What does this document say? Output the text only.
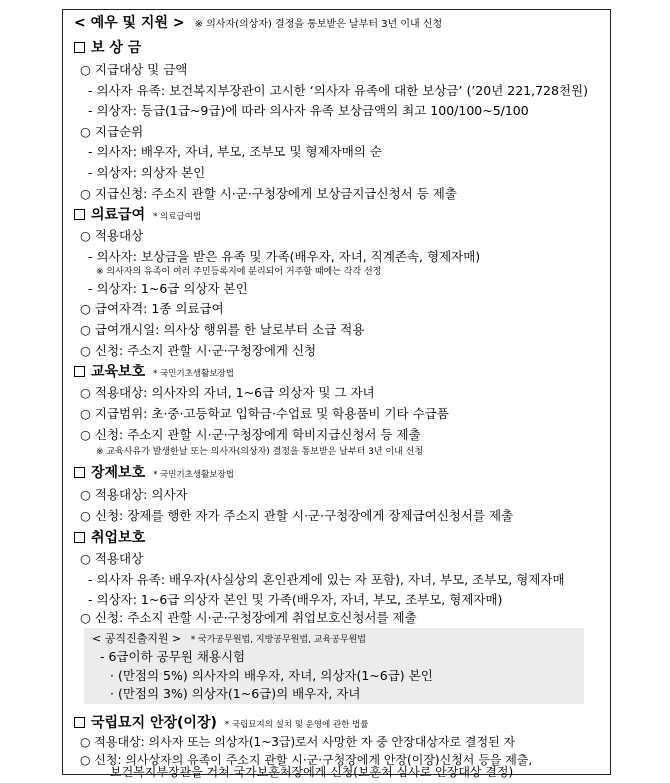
< 예우 및 지원 > ※ 의사자(의상자) 결정을 통보받은 날부터 3년 이내 신청
보 상 금
○ 지급대상 및 금액
- 의사자 유족: 보건복지부장관이 고시한 ‘의사자 유족에 대한 보상금’ (’20년 221,728천원)
- 의상자: 등급(1급~9급)에 따라 의사자 유족 보상금액의 최고 100/100~5/100
○ 지급순위
- 의사자: 배우자, 자녀, 부모, 조부모 및 형제자매의 순
- 의상자: 의상자 본인
○ 지급신청: 주소지 관할 시·군·구청장에게 보상금지급신청서 등 제출
의료급여 * 의료급여법
○ 적용대상
- 의사자: 보상금을 받은 유족 및 가족(배우자, 자녀, 직계존속, 형제자매)
※ 의사자의 유족이 여러 주민등록지에 분리되어 거주할 때에는 각각 선정
- 의상자: 1~6급 의상자 본인
○ 급여자격: 1종 의료급여
○ 급여개시일: 의사상 행위를 한 날로부터 소급 적용
○ 신청: 주소지 관할 시·군·구청장에게 신청
교육보호 * 국민기초생활보장법
○ 적용대상: 의사자의 자녀, 1~6급 의상자 및 그 자녀
○ 지급범위: 초·중·고등학교 입학금·수업료 및 학용품비 기타 수급품
○ 신청: 주소지 관할 시·군·구청장에게 학비지급신청서 등 제출
※ 교육사유가 발생한날 또는 의사자(의상자) 결정을 통보받은 날부터 3년 이내 신청
장제보호 * 국민기초생활보장법
○ 적용대상: 의사자
○ 신청: 장제를 행한 자가 주소지 관할 시·군·구청장에게 장제급여신청서를 제출
취업보호
○ 적용대상
- 의사자 유족: 배우자(사실상의 혼인관계에 있는 자 포함), 자녀, 부모, 조부모, 형제자매
- 의상자: 1~6급 의상자 본인 및 가족(배우자, 자녀, 부모, 조부모, 형제자매)
< 공직진출지원 > * 국가공무원법, 지방공무원법, 교육공무원법
- 6급이하 공무원 채용시험
· (만점의 5%) 의사자의 배우자, 자녀, 의상자(1~6급) 본인
· (만점의 3%) 의상자(1~6급)의 배우자, 자녀
○ 신청: 주소지 관할 시·군·구청장에게 취업보호신청서를 제출
국립묘지 안장(이장) * 국립묘지의 설치 및 운영에 관한 법률
○ 적용대상: 의사자 또는 의상자(1~3급)로서 사망한 자 중 안장대상자로 결정된 자
○ 신청: 의사상자의 유족이 주소지 관할 시·군·구청장에게 안장(이장)신청서 등을 제출,
보건복지부장관을 거쳐 국가보훈처장에게 신청(보훈처 심사로 안장대상 결정)
